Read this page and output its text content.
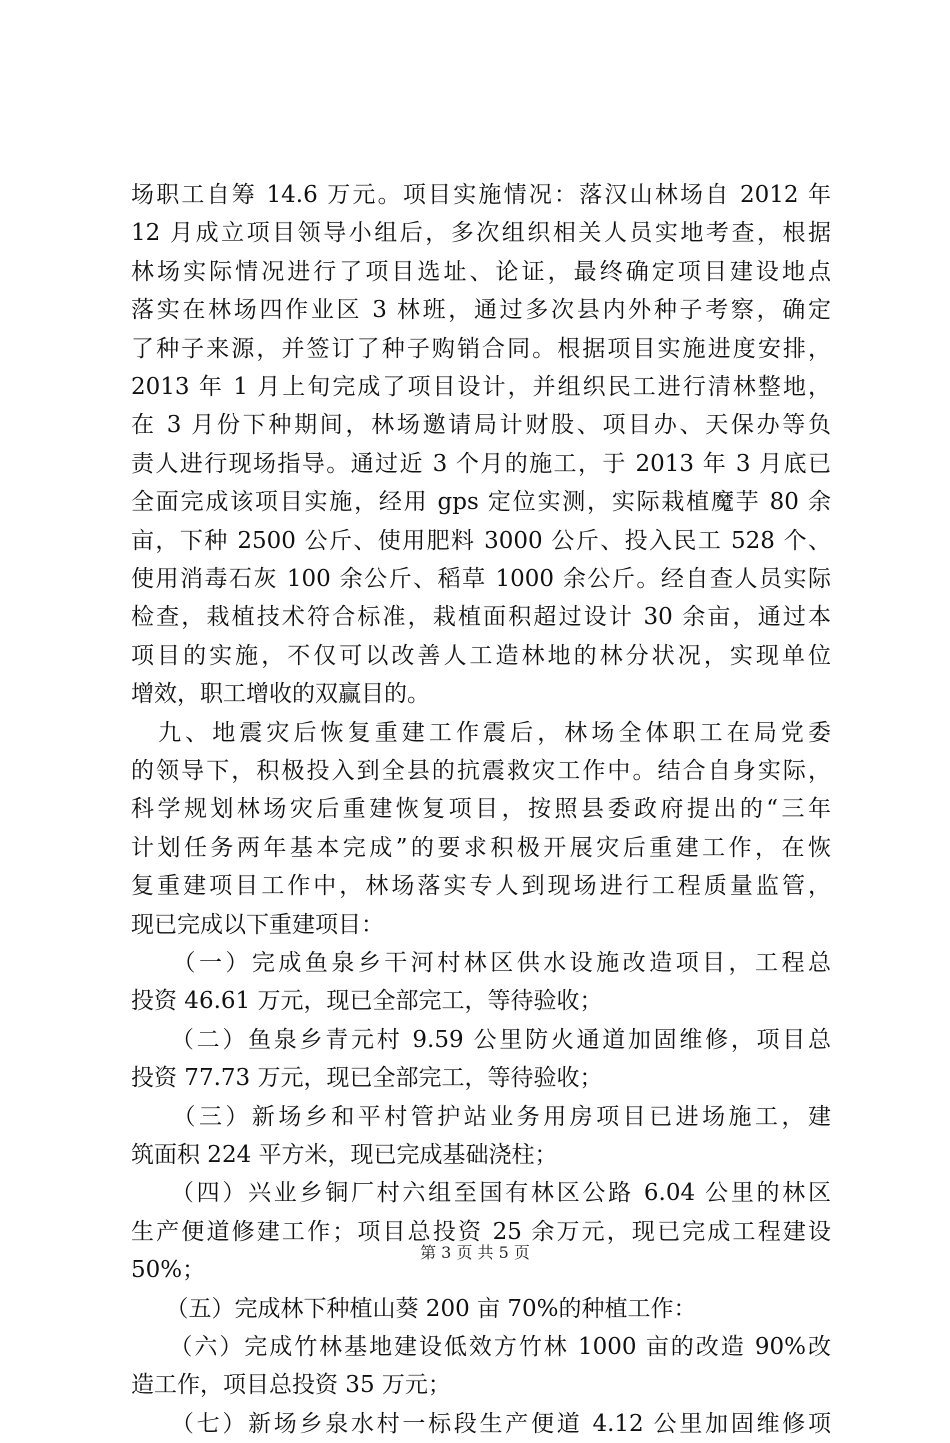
场职工自筹 14.6 万元。项目实施情况：落汉山林场自 2012 年
12 月成立项目领导小组后，多次组织相关人员实地考查，根据
林场实际情况进行了项目选址、论证，最终确定项目建设地点
落实在林场四作业区 3 林班，通过多次县内外种子考察，确定
了种子来源，并签订了种子购销合同。根据项目实施进度安排，
2013 年 1 月上旬完成了项目设计，并组织民工进行清林整地，
在 3 月份下种期间，林场邀请局计财股、项目办、天保办等负
责人进行现场指导。通过近 3 个月的施工，于 2013 年 3 月底已
全面完成该项目实施，经用 gps 定位实测，实际栽植魔芋 80 余
亩，下种 2500 公斤、使用肥料 3000 公斤、投入民工 528 个、
使用消毒石灰 100 余公斤、稻草 1000 余公斤。经自查人员实际
检查，栽植技术符合标准，栽植面积超过设计 30 余亩，通过本
项目的实施，不仅可以改善人工造林地的林分状况，实现单位
增效，职工增收的双赢目的。
　九、地震灾后恢复重建工作震后，林场全体职工在局党委
的领导下，积极投入到全县的抗震救灾工作中。结合自身实际，
科学规划林场灾后重建恢复项目，按照县委政府提出的“三年
计划任务两年基本完成”的要求积极开展灾后重建工作，在恢
复重建项目工作中，林场落实专人到现场进行工程质量监管，
现已完成以下重建项目：
　　（一）完成鱼泉乡干河村林区供水设施改造项目，工程总
投资 46.61 万元，现已全部完工，等待验收；
　　（二）鱼泉乡青元村 9.59 公里防火通道加固维修，项目总
投资 77.73 万元，现已全部完工，等待验收；
　　（三）新场乡和平村管护站业务用房项目已进场施工，建
筑面积 224 平方米，现已完成基础浇柱；
　　（四）兴业乡铜厂村六组至国有林区公路 6.04 公里的林区
生产便道修建工作；项目总投资 25 余万元，现已完成工程建设
50%；
　　（五）完成林下种植山葵 200 亩 70%的种植工作：
　　（六）完成竹林基地建设低效方竹林 1000 亩的改造 90%改
造工作，项目总投资 35 万元；
　　（七）新场乡泉水村一标段生产便道 4.12 公里加固维修项
第 3 页 共 5 页
